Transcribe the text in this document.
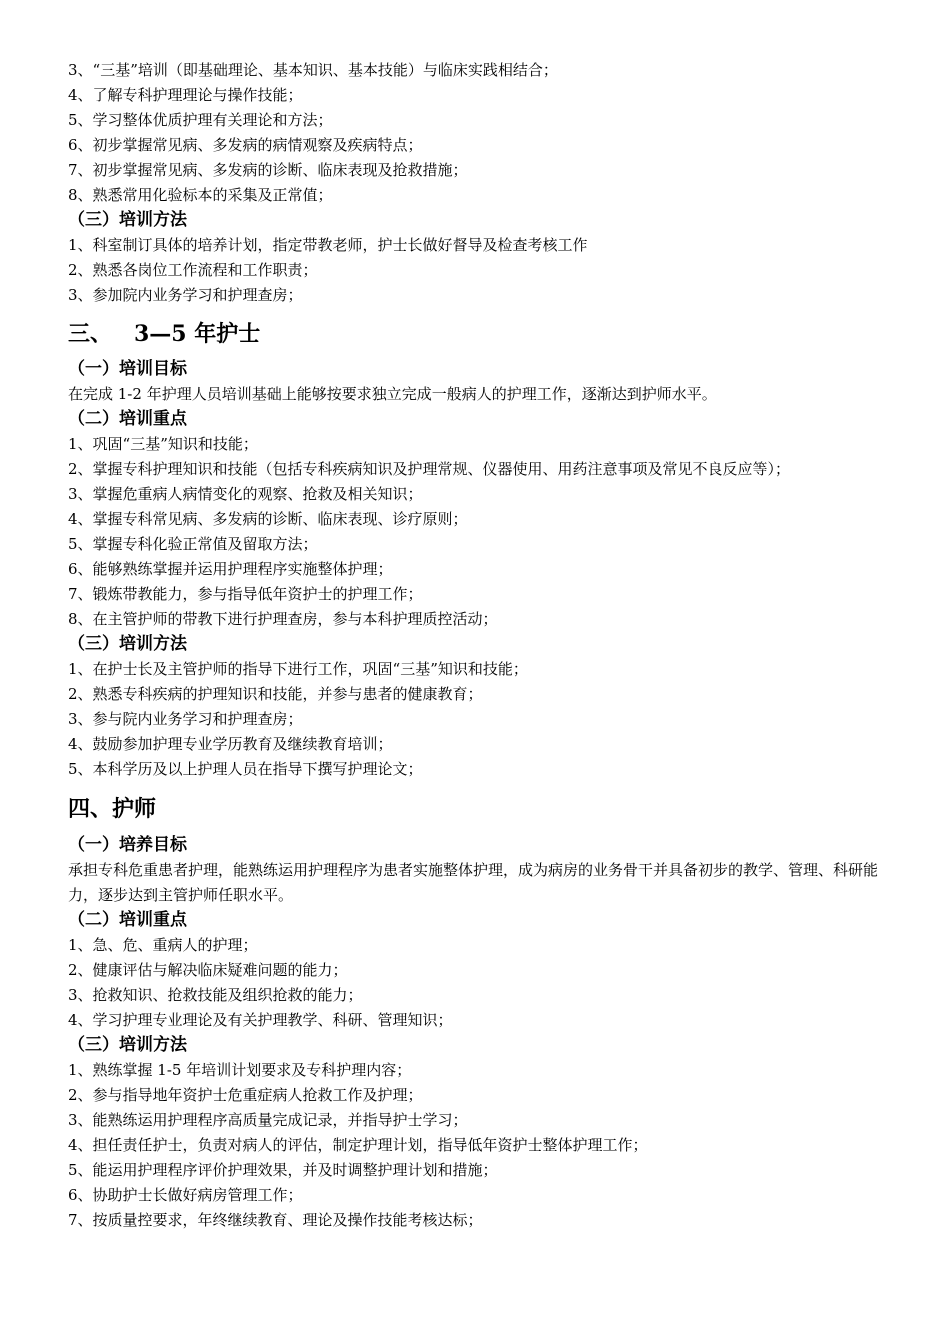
3、“三基”培训（即基础理论、基本知识、基本技能）与临床实践相结合；
4、了解专科护理理论与操作技能；
5、学习整体优质护理有关理论和方法；
6、初步掌握常见病、多发病的病情观察及疾病特点；
7、初步掌握常见病、多发病的诊断、临床表现及抢救措施；
8、熟悉常用化验标本的采集及正常值；
（三）培训方法
1、科室制订具体的培养计划，指定带教老师，护士长做好督导及检查考核工作
2、熟悉各岗位工作流程和工作职责；
3、参加院内业务学习和护理查房；
三、 3—5 年护士
（一）培训目标
在完成 1-2 年护理人员培训基础上能够按要求独立完成一般病人的护理工作，逐渐达到护师水平。
（二）培训重点
1、巩固“三基”知识和技能；
2、掌握专科护理知识和技能（包括专科疾病知识及护理常规、仪器使用、用药注意事项及常见不良反应等）；
3、掌握危重病人病情变化的观察、抢救及相关知识；
4、掌握专科常见病、多发病的诊断、临床表现、诊疗原则；
5、掌握专科化验正常值及留取方法；
6、能够熟练掌握并运用护理程序实施整体护理；
7、锻炼带教能力，参与指导低年资护士的护理工作；
8、在主管护师的带教下进行护理查房，参与本科护理质控活动；
（三）培训方法
1、在护士长及主管护师的指导下进行工作，巩固“三基”知识和技能；
2、熟悉专科疾病的护理知识和技能，并参与患者的健康教育；
3、参与院内业务学习和护理查房；
4、鼓励参加护理专业学历教育及继续教育培训；
5、本科学历及以上护理人员在指导下撰写护理论文；
四、护师
（一）培养目标
承担专科危重患者护理，能熟练运用护理程序为患者实施整体护理，成为病房的业务骨干并具备初步的教学、管理、科研能力，逐步达到主管护师任职水平。
（二）培训重点
1、急、危、重病人的护理；
2、健康评估与解决临床疑难问题的能力；
3、抢救知识、抢救技能及组织抢救的能力；
4、学习护理专业理论及有关护理教学、科研、管理知识；
（三）培训方法
1、熟练掌握 1-5 年培训计划要求及专科护理内容；
2、参与指导地年资护士危重症病人抢救工作及护理；
3、能熟练运用护理程序高质量完成记录，并指导护士学习；
4、担任责任护士，负责对病人的评估，制定护理计划，指导低年资护士整体护理工作；
5、能运用护理程序评价护理效果，并及时调整护理计划和措施；
6、协助护士长做好病房管理工作；
7、按质量控要求，年终继续教育、理论及操作技能考核达标；
